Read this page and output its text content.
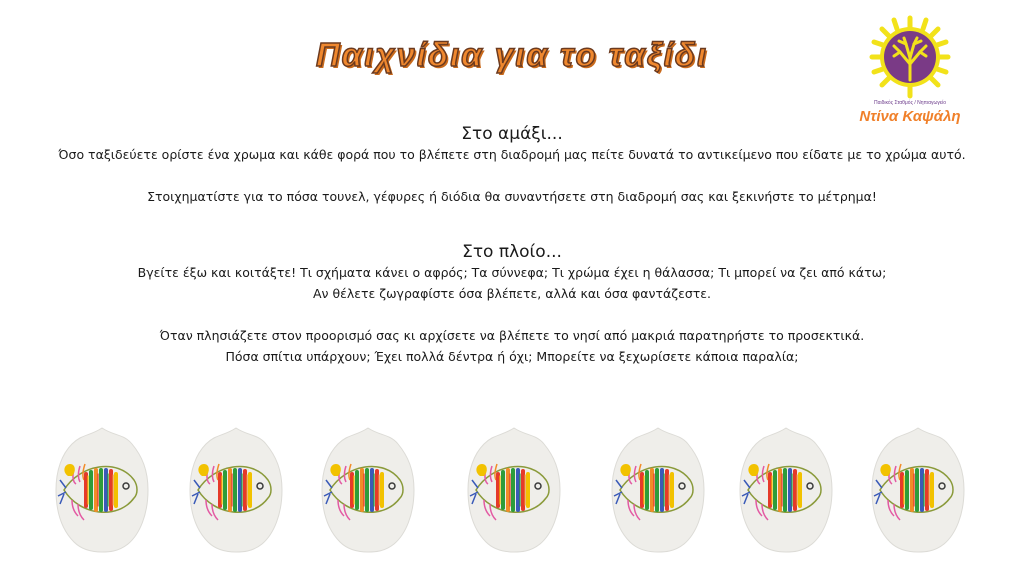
Παιχνίδια για το ταξίδι
Παιδικός Σταθμός / Νηπιαγωγείο
Ντίνα Καψάλη
Στο αμάξι...
Όσο ταξιδεύετε ορίστε ένα χρωμα και κάθε φορά που το βλέπετε στη διαδρομή μας πείτε δυνατά το αντικείμενο που είδατε με το χρώμα αυτό.

Στοιχηματίστε για το πόσα τουνελ, γέφυρες ή διόδια θα συναντήσετε στη διαδρομή σας και ξεκινήστε το μέτρημα!
Στο πλοίο...
Βγείτε έξω και κοιτάξτε! Τι σχήματα κάνει ο αφρός; Τα σύννεφα; Τι χρώμα έχει η θάλασσα; Τι μπορεί να ζει από κάτω;
Αν θέλετε ζωγραφίστε όσα βλέπετε, αλλά και όσα φαντάζεστε.

Όταν πλησιάζετε στον προορισμό σας κι αρχίσετε να βλέπετε το νησί από μακριά παρατηρήστε το προσεκτικά.
Πόσα σπίτια υπάρχουν; Έχει πολλά δέντρα ή όχι; Μπορείτε να ξεχωρίσετε κάποια παραλία;
